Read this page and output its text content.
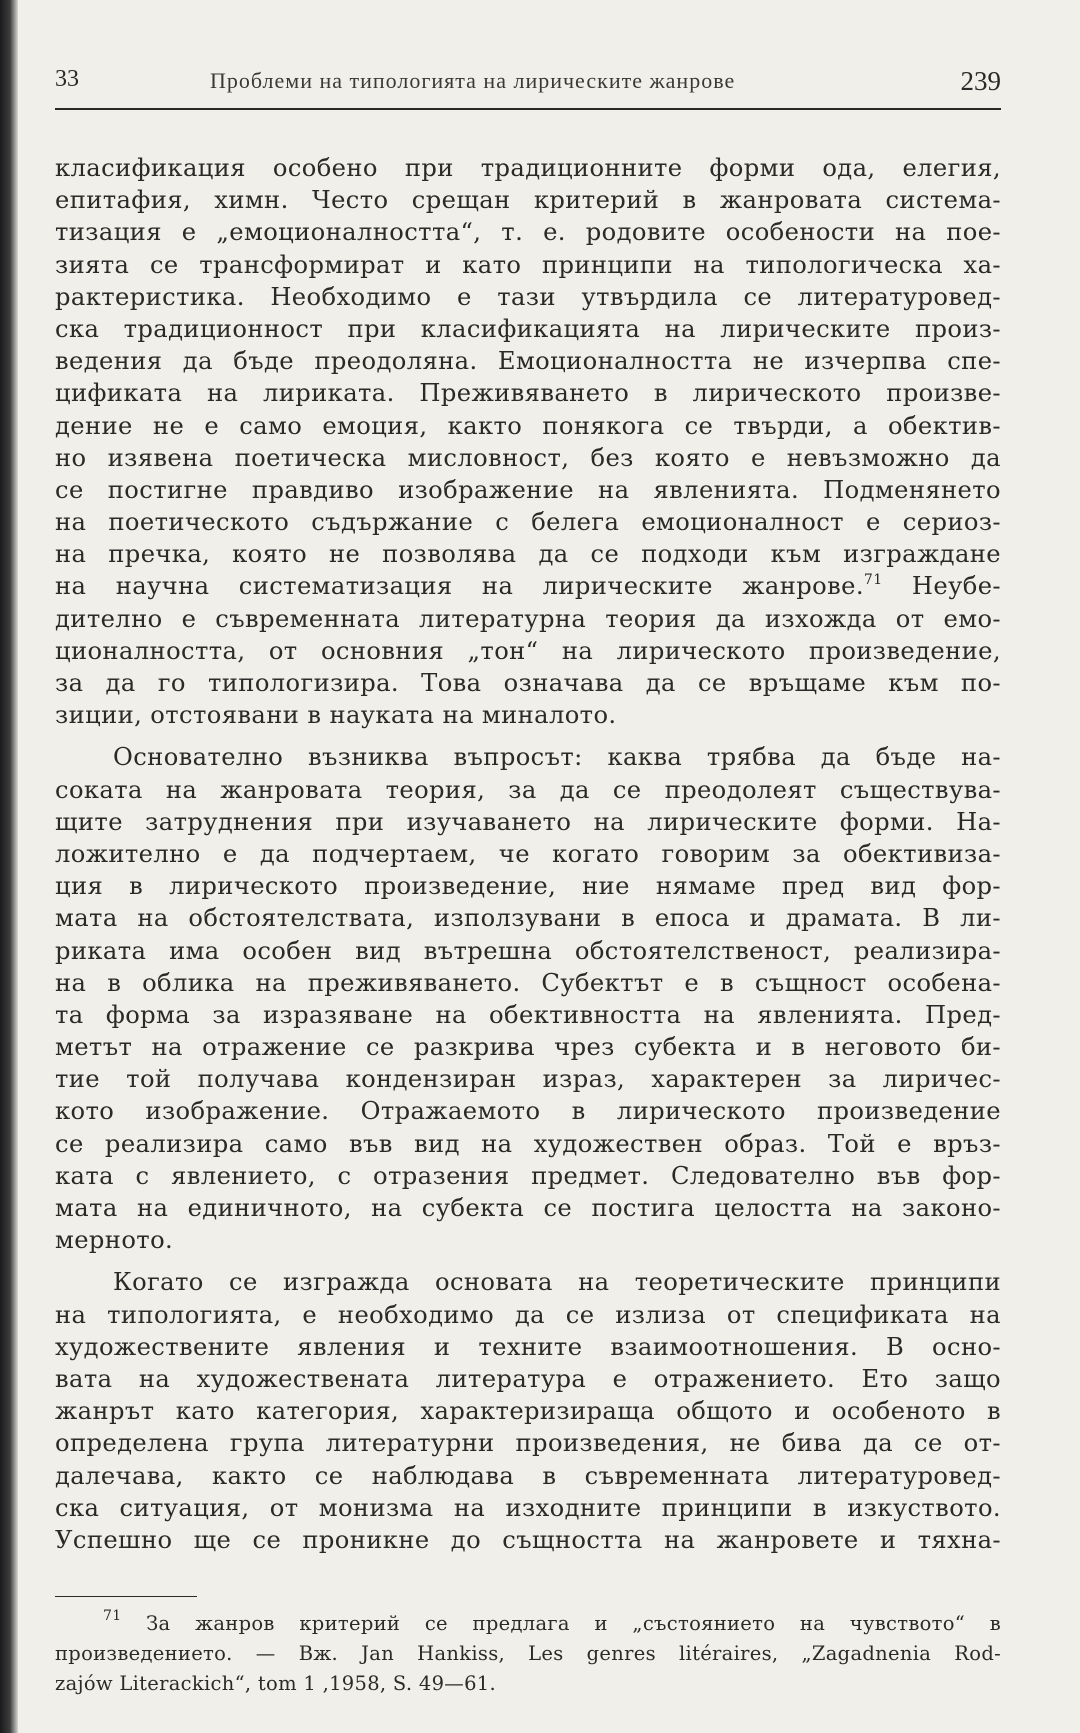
33	Проблеми на типологията на лирическите жанрове	239
класификация особено при традиционните форми ода, елегия,
епитафия, химн. Често срещан критерий в жанровата система-
тизация е „емоционалността“, т. е. родовите особености на пое-
зията се трансформират и като принципи на типологическа ха-
рактеристика. Необходимо е тази утвърдила се литературовед-
ска традиционност при класификацията на лирическите произ-
ведения да бъде преодоляна. Емоционалността не изчерпва спе-
цификата на лириката. Преживяването в лирическото произве-
дение не е само емоция, както понякога се твърди, а обектив-
но изявена поетическа мисловност, без която е невъзможно да
се постигне правдиво изображение на явленията. Подменянето
на поетическото съдържание с белега емоционалност е сериоз-
на пречка, която не позволява да се подходи към изграждане
на научна систематизация на лирическите жанрове.$^{71}$ Неубе-
дително е съвременната литературна теория да изхожда от емо-
ционалността, от основния „тон“ на лирическото произведение,
за да го типологизира. Това означава да се връщаме към по-
зиции, отстоявани в науката на миналото.
Основателно възниква въпросът: каква трябва да бъде на-
соката на жанровата теория, за да се преодолеят съществува-
щите затруднения при изучаването на лирическите форми. На-
ложително е да подчертаем, че когато говорим за обективиза-
ция в лирическото произведение, ние нямаме пред вид фор-
мата на обстоятелствата, използувани в епоса и драмата. В ли-
риката има особен вид вътрешна обстоятелственост, реализира-
на в облика на преживяването. Субектът е в същност особена-
та форма за изразяване на обективността на явленията. Пред-
метът на отражение се разкрива чрез субекта и в неговото би-
тие той получава кондензиран израз, характерен за лиричес-
кото изображение. Отражаемото в лирическото произведение
се реализира само във вид на художествен образ. Той е връз-
ката с явлението, с отразения предмет. Следователно във фор-
мата на единичното, на субекта се постига целостта на законо-
мерното.
Когато се изгражда основата на теоретическите принципи
на типологията, е необходимо да се излиза от спецификата на
художествените явления и техните взаимоотношения. В осно-
вата на художествената литература е отражението. Ето защо
жанрът като категория, характеризираща общото и особеното в
определена група литературни произведения, не бива да се от-
далечава, както се наблюдава в съвременната литературовед-
ска ситуация, от монизма на изходните принципи в изкуството.
Успешно ще се проникне до същността на жанровете и тяхна-
$^{71}$ За жанров критерий се предлага и „състоянието на чувството“ в
произведението. — Вж. Jan Hankiss, Les genres litéraires, „Zagadnenia Rod-
zajów Literackich“, tom 1 ,1958, S. 49—61.
